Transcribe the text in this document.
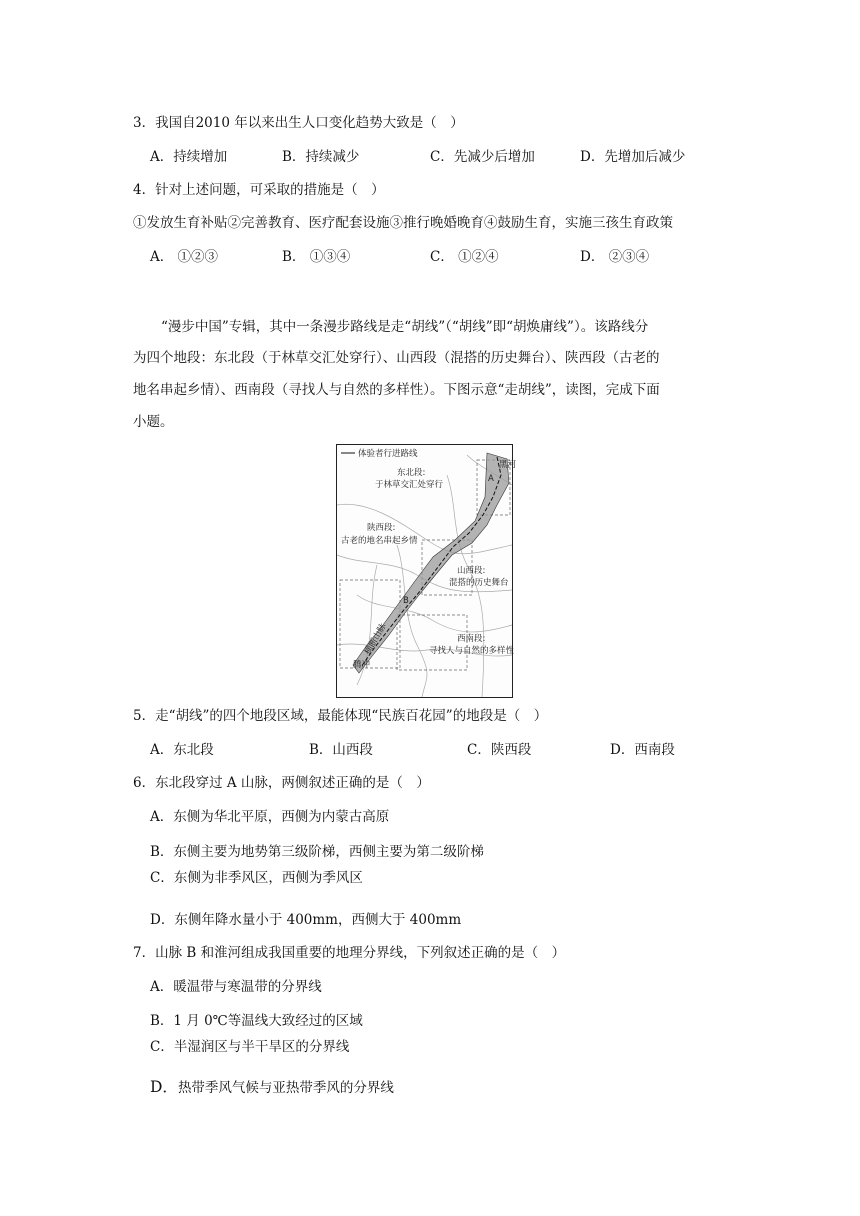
3．我国自2010 年以来出生人口变化趋势大致是（　）
A．持续增加	B．持续减少	C．先减少后增加	D．先增加后减少
4．针对上述问题，可采取的措施是（　）
①发放生育补贴②完善教育、医疗配套设施③推行晚婚晚育④鼓励生育，实施三孩生育政策
A． ①②③	B． ①③④	C． ①②④	D． ②③④
“漫步中国”专辑，其中一条漫步路线是走“胡线”（“胡线”即“胡焕庸线”）。该路线分
为四个地段：东北段（于林草交汇处穿行）、山西段（混搭的历史舞台）、陕西段（古老的
地名串起乡情）、西南段（寻找人与自然的多样性）。下图示意“走胡线”，读图，完成下面
小题。
体验者行进路线
A
黑河
东北段:
于林草交汇处穿行
陕西段:
古老的地名串起乡情
山西段:
混搭的历史舞台
B
西南段:
寻找人与自然的多样性
腾冲
横断山脉
5．走“胡线”的四个地段区域，最能体现“民族百花园”的地段是（　）
A．东北段	B．山西段	C．陕西段	D．西南段
6．东北段穿过 A 山脉，两侧叙述正确的是（　）
A．东侧为华北平原，西侧为内蒙古高原
B．东侧主要为地势第三级阶梯，西侧主要为第二级阶梯
C．东侧为非季风区，西侧为季风区
D．东侧年降水量小于 400mm，西侧大于 400mm
7．山脉 B 和淮河组成我国重要的地理分界线，下列叙述正确的是（　）
A．暖温带与寒温带的分界线
B．1 月 0℃等温线大致经过的区域
C．半湿润区与半干旱区的分界线
D．热带季风气候与亚热带季风的分界线
